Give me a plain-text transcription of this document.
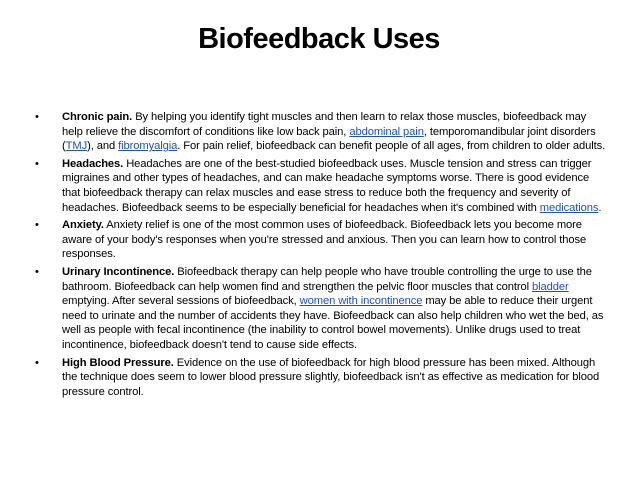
Biofeedback Uses
• Chronic pain. By helping you identify tight muscles and then learn to relax those muscles, biofeedback may help relieve the discomfort of conditions like low back pain, abdominal pain, temporomandibular joint disorders (TMJ), and fibromyalgia. For pain relief, biofeedback can benefit people of all ages, from children to older adults.
• Headaches. Headaches are one of the best-studied biofeedback uses. Muscle tension and stress can trigger migraines and other types of headaches, and can make headache symptoms worse. There is good evidence that biofeedback therapy can relax muscles and ease stress to reduce both the frequency and severity of headaches. Biofeedback seems to be especially beneficial for headaches when it's combined with medications.
• Anxiety. Anxiety relief is one of the most common uses of biofeedback. Biofeedback lets you become more aware of your body's responses when you're stressed and anxious. Then you can learn how to control those responses.
• Urinary Incontinence. Biofeedback therapy can help people who have trouble controlling the urge to use the bathroom. Biofeedback can help women find and strengthen the pelvic floor muscles that control bladder emptying. After several sessions of biofeedback, women with incontinence may be able to reduce their urgent need to urinate and the number of accidents they have. Biofeedback can also help children who wet the bed, as well as people with fecal incontinence (the inability to control bowel movements). Unlike drugs used to treat incontinence, biofeedback doesn't tend to cause side effects.
• High Blood Pressure. Evidence on the use of biofeedback for high blood pressure has been mixed. Although the technique does seem to lower blood pressure slightly, biofeedback isn't as effective as medication for blood pressure control.
